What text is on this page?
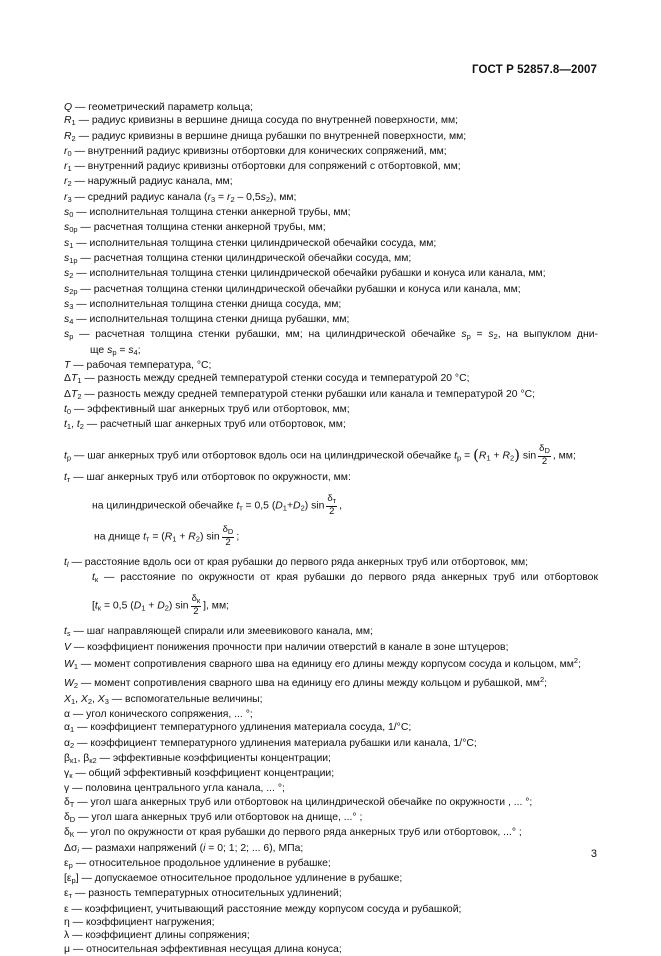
ГОСТ Р 52857.8—2007
Q — геометрический параметр кольца;
$R_1$ — радиус кривизны в вершине днища сосуда по внутренней поверхности, мм;
$R_2$ — радиус кривизны в вершине днища рубашки по внутренней поверхности, мм;
$r_0$ — внутренний радиус кривизны отбортовки для конических сопряжений, мм;
$r_1$ — внутренний радиус кривизны отбортовки для сопряжений с отбортовкой, мм;
$r_2$ — наружный радиус канала, мм;
$r_3$ — средний радиус канала $(r_3 = r_2 - 0,5s_2)$, мм;
$s_0$ — исполнительная толщина стенки анкерной трубы, мм;
$s_{0р}$ — расчетная толщина стенки анкерной трубы, мм;
$s_1$ — исполнительная толщина стенки цилиндрической обечайки сосуда, мм;
$s_{1р}$ — расчетная толщина стенки цилиндрической обечайки сосуда, мм;
$s_2$ — исполнительная толщина стенки цилиндрической обечайки рубашки и конуса или канала, мм;
$s_{2р}$ — расчетная толщина стенки цилиндрической обечайки рубашки и конуса или канала, мм;
$s_3$ — исполнительная толщина стенки днища сосуда, мм;
$s_4$ — исполнительная толщина стенки днища рубашки, мм;
$s_р$ — расчетная толщина стенки рубашки, мм; на цилиндрической обечайке $s_р = s_2$, на выпуклом дни-
ще $s_р = s_4$;
T — рабочая температура, °С;
$\Delta T_1$ — разность между средней температурой стенки сосуда и температурой 20 °С;
$\Delta T_2$ — разность между средней температурой стенки рубашки или канала и температурой 20 °С;
$t_0$ — эффективный шаг анкерных труб или отбортовок, мм;
$t_1$, $t_2$ — расчетный шаг анкерных труб или отбортовок, мм;
$t_р$ — шаг анкерных труб или отбортовок вдоль оси на цилиндрической обечайке $t_р = (R_1 + R_2)$ $\sin \frac{\delta_D}{2}$ , мм;
$t_т$ — шаг анкерных труб или отбортовок по окружности, мм:
на цилиндрической обечайке $t_т = 0,5$ $(D_1+D_2)$ $\sin \frac{\delta_т}{2}$ ,
на днище $t_т = (R_1 + R_2)$ $\sin \frac{\delta_D}{2}$ ;
$t_l$ — расстояние вдоль оси от края рубашки до первого ряда анкерных труб или отбортовок, мм;
$t_к$ — расстояние по окружности от края рубашки до первого ряда анкерных труб или отбортовок
[$t_к = 0,5$ $(D_1 + D_2)$ $\sin \frac{\delta_к}{2}$ ], мм;
$t_s$ — шаг направляющей спирали или змеевикового канала, мм;
V — коэффициент понижения прочности при наличии отверстий в канале в зоне штуцеров;
$W_1$ — момент сопротивления сварного шва на единицу его длины между корпусом сосуда и кольцом, $мм^2$;
$W_2$ — момент сопротивления сварного шва на единицу его длины между кольцом и рубашкой, $мм^2$;
$X_1$, $X_2$, $X_3$ — вспомогательные величины;
α — угол конического сопряжения, ... °;
$\alpha_1$ — коэффициент температурного удлинения материала сосуда, 1/°С;
$\alpha_2$ — коэффициент температурного удлинения материала рубашки или канала, 1/°С;
$\beta_{к1}$, $\beta_{к2}$ — эффективные коэффициенты концентрации;
$\gamma_к$ — общий эффективный коэффициент концентрации;
γ — половина центрального угла канала, ... °;
$\delta_T$ — угол шага анкерных труб или отбортовок на цилиндрической обечайке по окружности , ... °;
$\delta_D$ — угол шага анкерных труб или отбортовок на днище, ...° ;
$\delta_К$ — угол по окружности от края рубашки до первого ряда анкерных труб или отбортовок, ...° ;
$\Delta\sigma_i$ — размахи напряжений (i = 0; 1; 2; ... 6), МПа;
$\varepsilon_р$ — относительное продольное удлинение в рубашке;
$[\varepsilon_р]$ — допускаемое относительное продольное удлинение в рубашке;
$\varepsilon_т$ — разность температурных относительных удлинений;
ε — коэффициент, учитывающий расстояние между корпусом сосуда и рубашкой;
η — коэффициент нагружения;
λ — коэффициент длины сопряжения;
μ — относительная эффективная несущая длина конуса;
3
